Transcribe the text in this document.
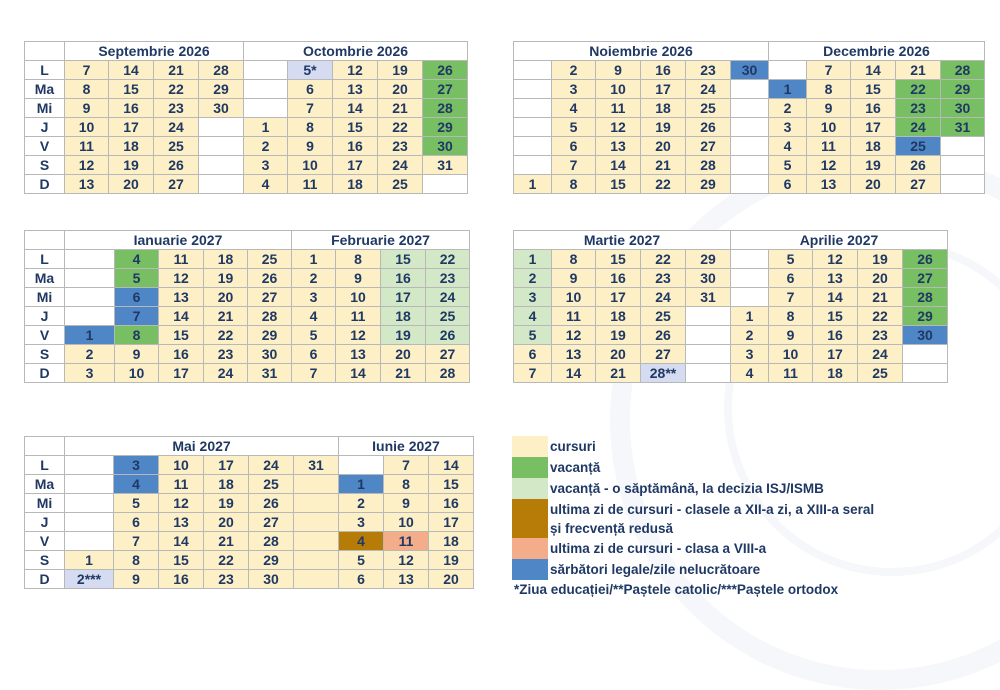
	Septembrie 2026				Octombrie 2026				
L	7	14	21	28		5*	12	19	26
Ma	8	15	22	29		6	13	20	27
Mi	9	16	23	30		7	14	21	28
J	10	17	24		1	8	15	22	29
V	11	18	25		2	9	16	23	30
S	12	19	26		3	10	17	24	31
D	13	20	27		4	11	18	25	
Noiembrie 2026						Decembrie 2026				
	2	9	16	23	30		7	14	21	28
	3	10	17	24		1	8	15	22	29
	4	11	18	25		2	9	16	23	30
	5	12	19	26		3	10	17	24	31
	6	13	20	27		4	11	18	25	
	7	14	21	28		5	12	19	26	
1	8	15	22	29		6	13	20	27	
	Ianuarie 2027					Februarie 2027			
L		4	11	18	25	1	8	15	22
Ma		5	12	19	26	2	9	16	23
Mi		6	13	20	27	3	10	17	24
J		7	14	21	28	4	11	18	25
V	1	8	15	22	29	5	12	19	26
S	2	9	16	23	30	6	13	20	27
D	3	10	17	24	31	7	14	21	28
Martie 2027					Aprilie 2027				
1	8	15	22	29		5	12	19	26
2	9	16	23	30		6	13	20	27
3	10	17	24	31		7	14	21	28
4	11	18	25		1	8	15	22	29
5	12	19	26		2	9	16	23	30
6	13	20	27		3	10	17	24	
7	14	21	28**		4	11	18	25	
	Mai 2027						Iunie 2027		
L		3	10	17	24	31		7	14
Ma		4	11	18	25		1	8	15
Mi		5	12	19	26		2	9	16
J		6	13	20	27		3	10	17
V		7	14	21	28		4	11	18
S	1	8	15	22	29		5	12	19
D	2***	9	16	23	30		6	13	20
cursuri
vacanță
vacanță - o săptămână, la decizia ISJ/ISMB
ultima zi de cursuri - clasele a XII-a zi, a XIII-a seral
și frecvență redusă
ultima zi de cursuri - clasa a VIII-a
sărbători legale/zile nelucrătoare
*Ziua educației/**Paștele catolic/***Paștele ortodox
